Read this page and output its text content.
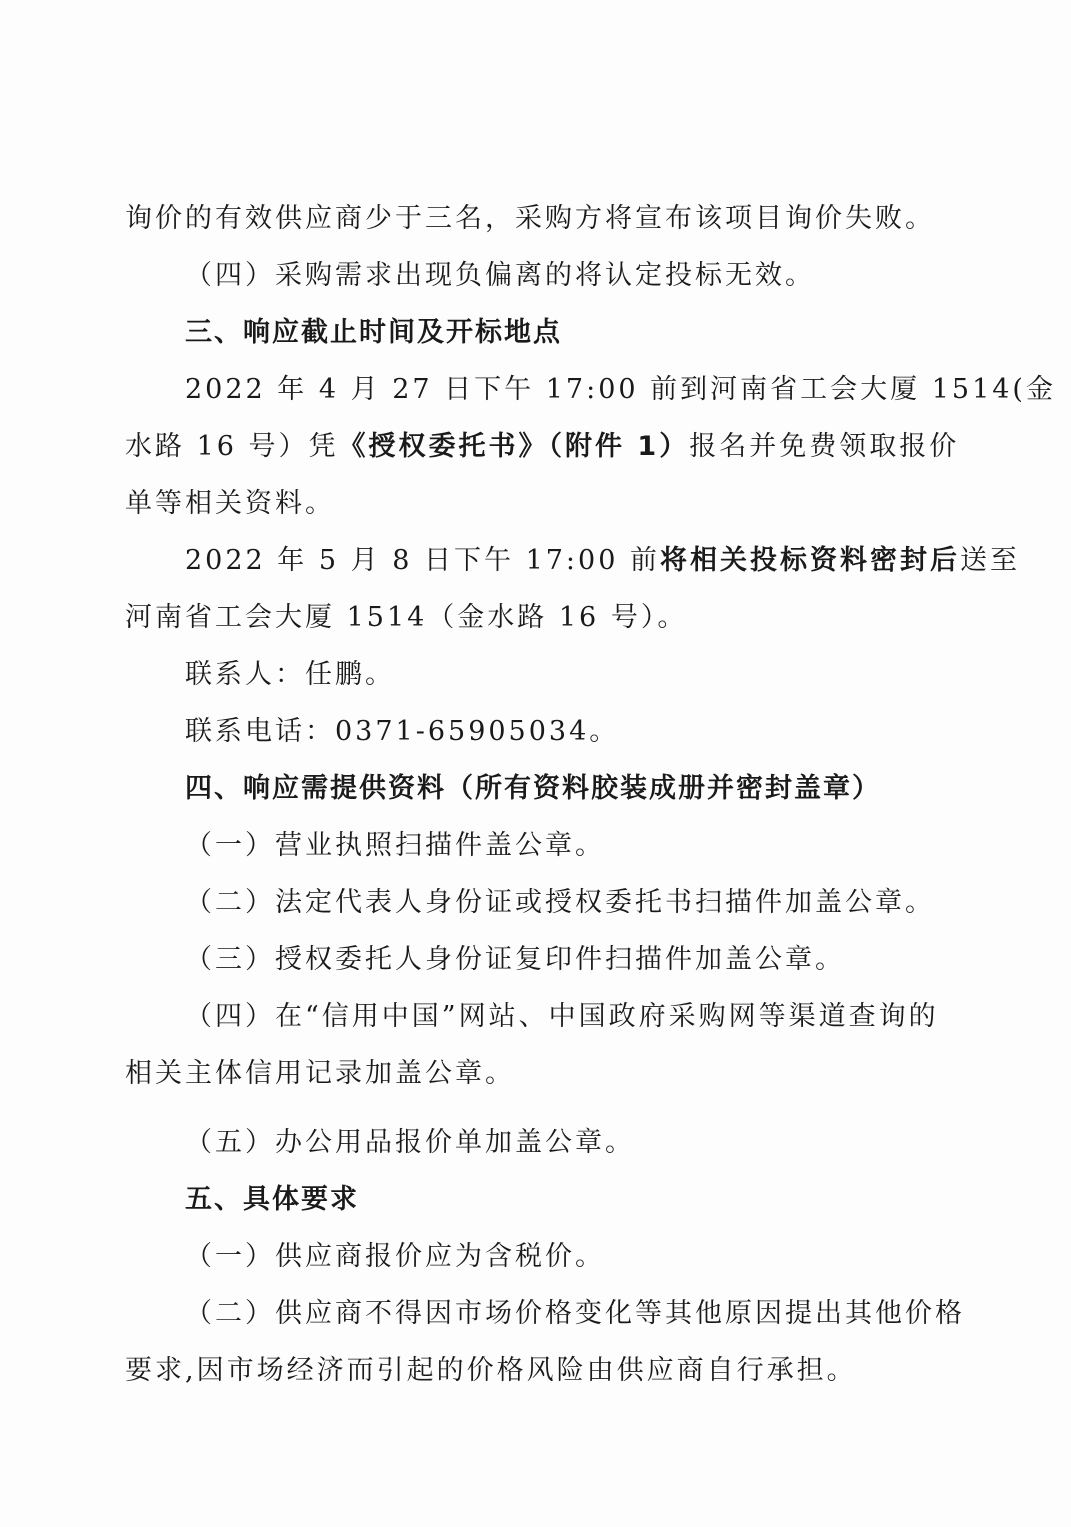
询价的有效供应商少于三名，采购方将宣布该项目询价失败。
（四）采购需求出现负偏离的将认定投标无效。
三、响应截止时间及开标地点
2022 年 4 月 27 日下午 17:00 前到河南省工会大厦 1514(金
水路 16 号）凭《授权委托书》（附件 1）报名并免费领取报价
单等相关资料。
2022 年 5 月 8 日下午 17:00 前将相关投标资料密封后送至
河南省工会大厦 1514（金水路 16 号）。
联系人：任鹏。
联系电话：0371-65905034。
四、响应需提供资料（所有资料胶装成册并密封盖章）
（一）营业执照扫描件盖公章。
（二）法定代表人身份证或授权委托书扫描件加盖公章。
（三）授权委托人身份证复印件扫描件加盖公章。
（四）在“信用中国”网站、中国政府采购网等渠道查询的
相关主体信用记录加盖公章。
（五）办公用品报价单加盖公章。
五、具体要求
（一）供应商报价应为含税价。
（二）供应商不得因市场价格变化等其他原因提出其他价格
要求,因市场经济而引起的价格风险由供应商自行承担。
